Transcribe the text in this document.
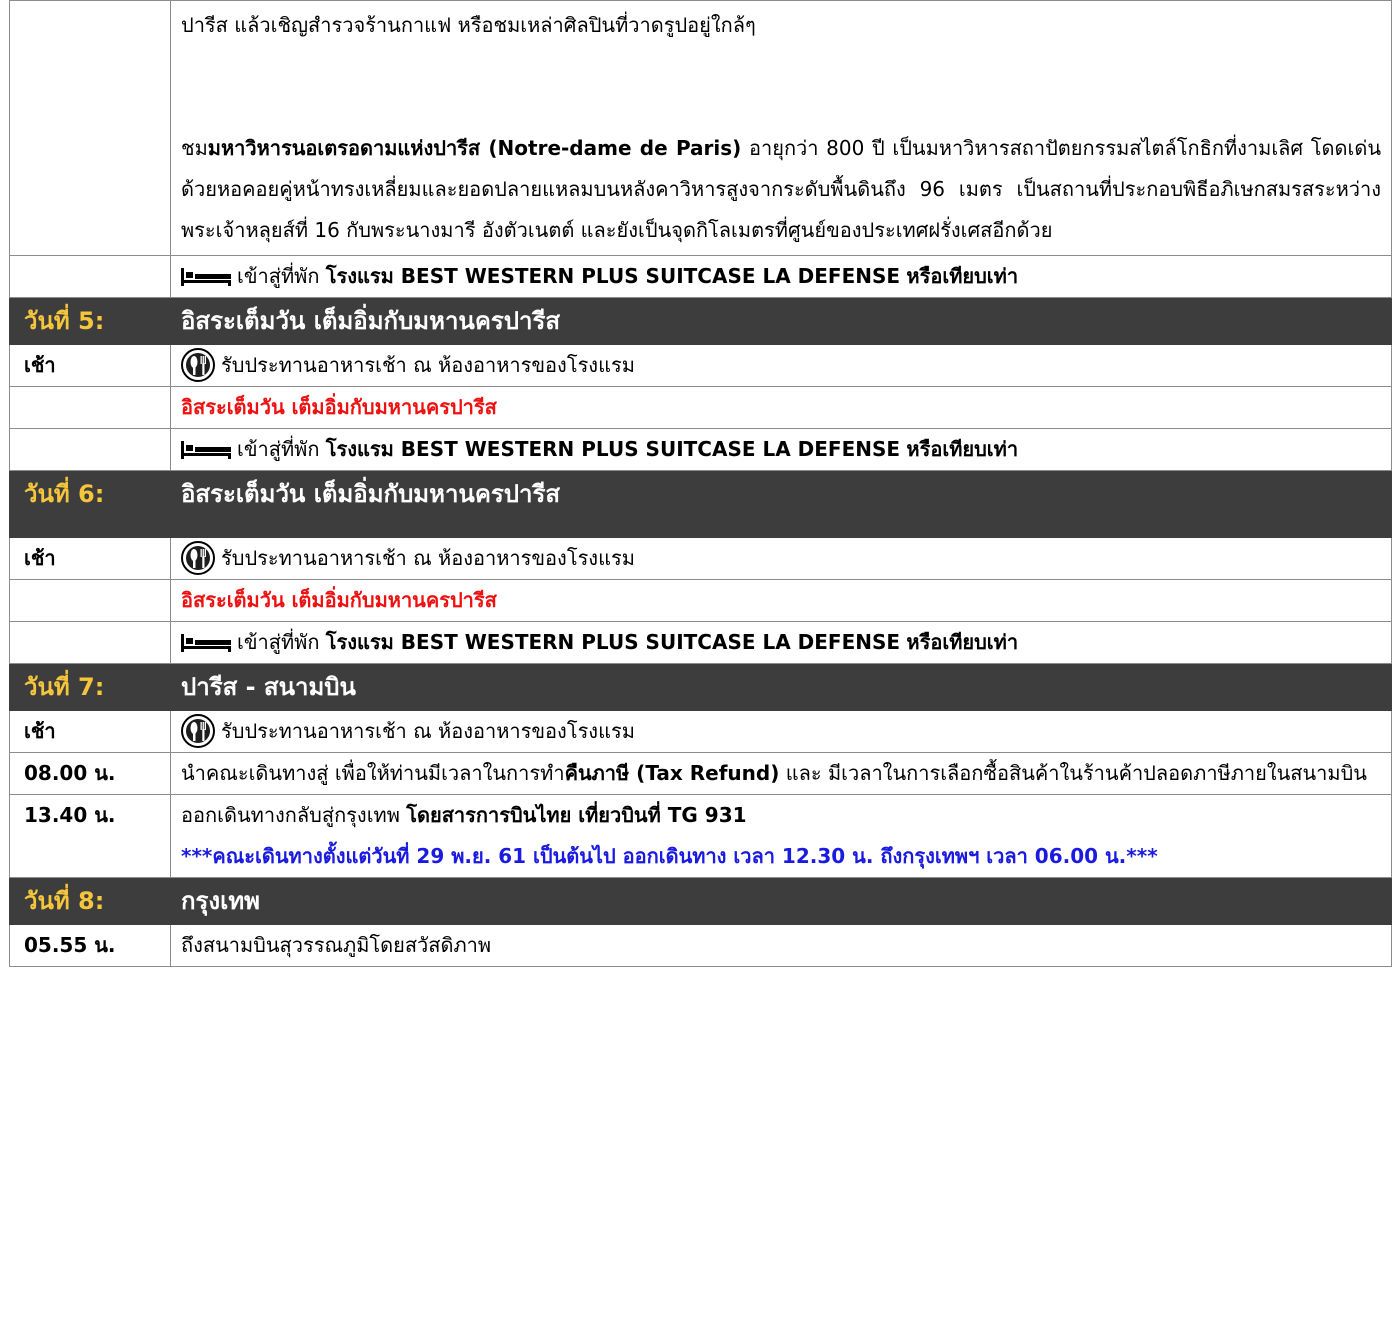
	ปารีส แล้วเชิญสำรวจร้านกาแฟ หรือชมเหล่าศิลปินที่วาดรูปอยู่ใกล้ๆ
ชมมหาวิหารนอเตรอดามแห่งปารีส (Notre-dame de Paris) อายุกว่า 800 ปี เป็นมหาวิหารสถาปัตยกรรมสไตล์โกธิกที่งามเลิศ โดดเด่นด้วยหอคอยคู่หน้าทรงเหลี่ยมและยอดปลายแหลมบนหลังคาวิหารสูงจากระดับพื้นดินถึง 96 เมตร เป็นสถานที่ประกอบพิธีอภิเษกสมรสระหว่างพระเจ้าหลุยส์ที่ 16 กับพระนางมารี อังตัวเนตต์ และยังเป็นจุดกิโลเมตรที่ศูนย์ของประเทศฝรั่งเศสอีกด้วย
	เข้าสู่ที่พัก โรงแรม BEST WESTERN PLUS SUITCASE LA DEFENSE หรือเทียบเท่า
วันที่ 5:	อิสระเต็มวัน เต็มอิ่มกับมหานครปารีส
เช้า	รับประทานอาหารเช้า ณ ห้องอาหารของโรงแรม
	อิสระเต็มวัน เต็มอิ่มกับมหานครปารีส
	เข้าสู่ที่พัก โรงแรม BEST WESTERN PLUS SUITCASE LA DEFENSE หรือเทียบเท่า
วันที่ 6:	อิสระเต็มวัน เต็มอิ่มกับมหานครปารีส
เช้า	รับประทานอาหารเช้า ณ ห้องอาหารของโรงแรม
	อิสระเต็มวัน เต็มอิ่มกับมหานครปารีส
	เข้าสู่ที่พัก โรงแรม BEST WESTERN PLUS SUITCASE LA DEFENSE หรือเทียบเท่า
วันที่ 7:	ปารีส - สนามบิน
เช้า	รับประทานอาหารเช้า ณ ห้องอาหารของโรงแรม
08.00 น.	นำคณะเดินทางสู่ เพื่อให้ท่านมีเวลาในการทำคืนภาษี (Tax Refund) และ มีเวลาในการเลือกซื้อสินค้าในร้านค้าปลอดภาษีภายในสนามบิน
13.40 น.	ออกเดินทางกลับสู่กรุงเทพ โดยสารการบินไทย เที่ยวบินที่ TG 931
***คณะเดินทางตั้งแต่วันที่ 29 พ.ย. 61 เป็นต้นไป ออกเดินทาง เวลา 12.30 น. ถึงกรุงเทพฯ เวลา 06.00 น.***

วันที่ 8:	กรุงเทพ
05.55 น.	ถึงสนามบินสุวรรณภูมิโดยสวัสดิภาพ
